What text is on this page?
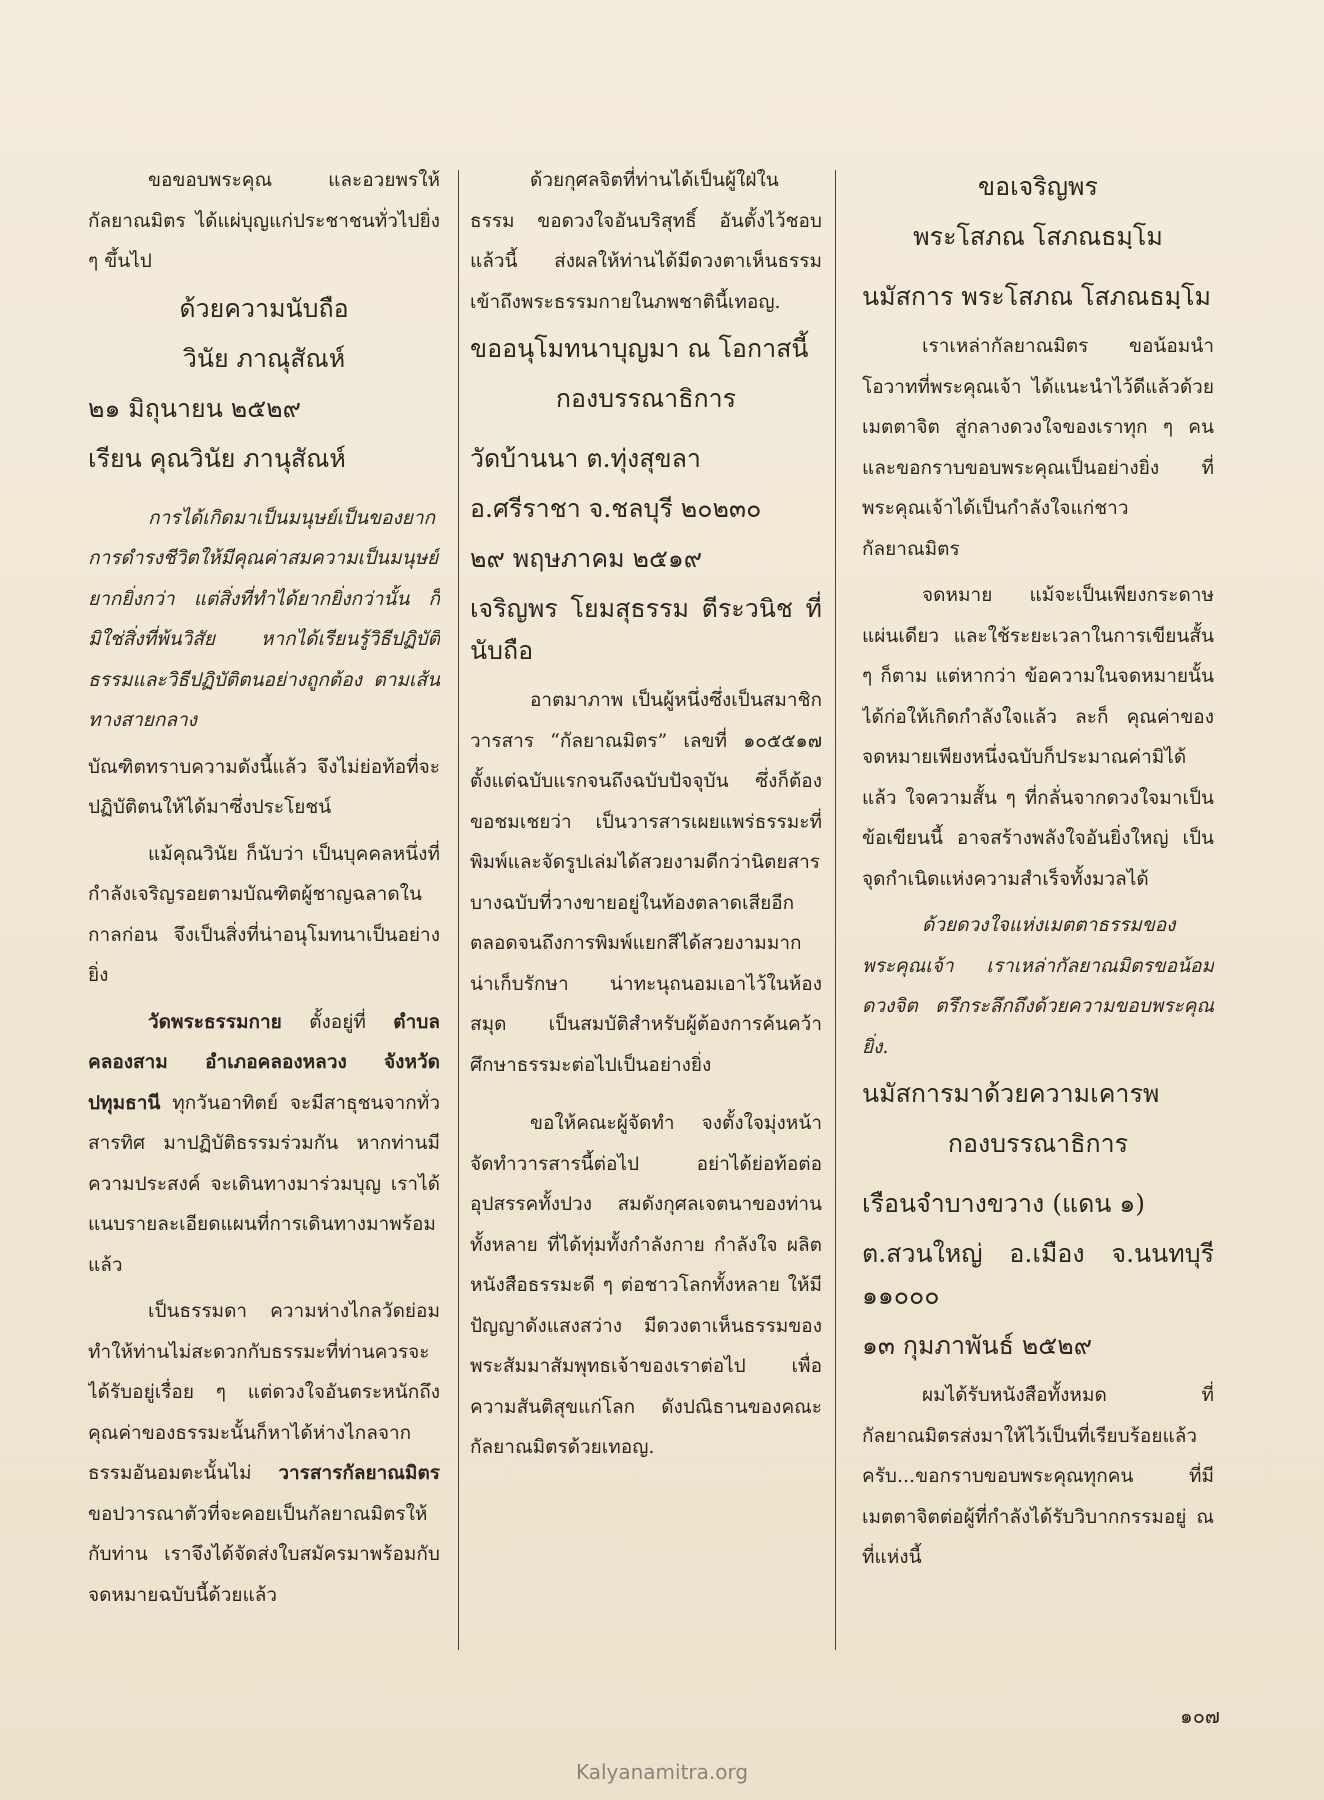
ขอขอบพระคุณ และอวยพรให้กัลยาณมิตร ได้แผ่บุญแก่ประชาชนทั่วไปยิ่ง ๆ ขึ้นไป

ด้วยความนับถือ

วินัย ภาณุสัณห์

๒๑ มิถุนายน ๒๕๒๙

เรียน คุณวินัย ภานุสัณห์

การได้เกิดมาเป็นมนุษย์เป็นของยาก การดำรงชีวิตให้มีคุณค่าสมความเป็นมนุษย์ ยากยิ่งกว่า แต่สิ่งที่ทำได้ยากยิ่งกว่านั้น ก็มิใช่สิ่งที่พ้นวิสัย หากได้เรียนรู้วิธีปฏิบัติธรรมและวิธีปฏิบัติตนอย่างถูกต้อง ตามเส้นทางสายกลาง

บัณฑิตทราบความดังนี้แล้ว จึงไม่ย่อท้อที่จะปฏิบัติตนให้ได้มาซึ่งประโยชน์

แม้คุณวินัย ก็นับว่า เป็นบุคคลหนึ่งที่กำลังเจริญรอยตามบัณฑิตผู้ชาญฉลาดในกาลก่อน จึงเป็นสิ่งที่น่าอนุโมทนาเป็นอย่างยิ่ง

วัดพระธรรมกาย ตั้งอยู่ที่ ตำบลคลองสาม อำเภอคลองหลวง จังหวัดปทุมธานี ทุกวันอาทิตย์ จะมีสาธุชนจากทั่วสารทิศ มาปฏิบัติธรรมร่วมกัน หากท่านมีความประสงค์ จะเดินทางมาร่วมบุญ เราได้แนบรายละเอียดแผนที่การเดินทางมาพร้อมแล้ว

เป็นธรรมดา ความห่างไกลวัดย่อมทำให้ท่านไม่สะดวกกับธรรมะที่ท่านควรจะได้รับอยู่เรื่อย ๆ แต่ดวงใจอันตระหนักถึงคุณค่าของธรรมะนั้นก็หาได้ห่างไกลจากธรรมอันอมตะนั้นไม่ วารสารกัลยาณมิตร ขอปวารณาตัวที่จะคอยเป็นกัลยาณมิตรให้กับท่าน เราจึงได้จัดส่งใบสมัครมาพร้อมกับจดหมายฉบับนี้ด้วยแล้ว

ด้วยกุศลจิตที่ท่านได้เป็นผู้ใฝ่ในธรรม ขอดวงใจอันบริสุทธิ์ อันตั้งไว้ชอบแล้วนี้ ส่งผลให้ท่านได้มีดวงตาเห็นธรรม เข้าถึงพระธรรมกายในภพชาตินี้เทอญ.

ขออนุโมทนาบุญมา ณ โอกาสนี้

กองบรรณาธิการ

วัดบ้านนา ต.ทุ่งสุขลา

อ.ศรีราชา จ.ชลบุรี ๒๐๒๓๐

๒๙ พฤษภาคม ๒๕๑๙

เจริญพร โยมสุธรรม ตีระวนิช ที่นับถือ

อาตมาภาพ เป็นผู้หนึ่งซึ่งเป็นสมาชิกวารสาร “กัลยาณมิตร” เลขที่ ๑๐๕๕๑๗ ตั้งแต่ฉบับแรกจนถึงฉบับปัจจุบัน ซึ่งก็ต้องขอชมเชยว่า เป็นวารสารเผยแพร่ธรรมะที่พิมพ์และจัดรูปเล่มได้สวยงามดีกว่านิตยสารบางฉบับที่วางขายอยู่ในท้องตลาดเสียอีก ตลอดจนถึงการพิมพ์แยกสีได้สวยงามมาก น่าเก็บรักษา น่าทะนุถนอมเอาไว้ในห้องสมุด เป็นสมบัติสำหรับผู้ต้องการค้นคว้าศึกษาธรรมะต่อไปเป็นอย่างยิ่ง

ขอให้คณะผู้จัดทำ จงตั้งใจมุ่งหน้าจัดทำวารสารนี้ต่อไป อย่าได้ย่อท้อต่ออุปสรรคทั้งปวง สมดังกุศลเจตนาของท่านทั้งหลาย ที่ได้ทุ่มทั้งกำลังกาย กำลังใจ ผลิตหนังสือธรรมะดี ๆ ต่อชาวโลกทั้งหลาย ให้มีปัญญาดังแสงสว่าง มีดวงตาเห็นธรรมของพระสัมมาสัมพุทธเจ้าของเราต่อไป เพื่อความสันติสุขแก่โลก ดังปณิธานของคณะกัลยาณมิตรด้วยเทอญ.

ขอเจริญพร

พระโสภณ โสภณธมฺโม

นมัสการ พระโสภณ โสภณธมฺโม

เราเหล่ากัลยาณมิตร ขอน้อมนำโอวาทที่พระคุณเจ้า ได้แนะนำไว้ดีแล้วด้วยเมตตาจิต สู่กลางดวงใจของเราทุก ๆ คน และขอกราบขอบพระคุณเป็นอย่างยิ่ง ที่พระคุณเจ้าได้เป็นกำลังใจแก่ชาวกัลยาณมิตร

จดหมาย แม้จะเป็นเพียงกระดาษแผ่นเดียว และใช้ระยะเวลาในการเขียนสั้น ๆ ก็ตาม แต่หากว่า ข้อความในจดหมายนั้น ได้ก่อให้เกิดกำลังใจแล้ว ละก็ คุณค่าของจดหมายเพียงหนึ่งฉบับก็ประมาณค่ามิได้แล้ว ใจความสั้น ๆ ที่กลั่นจากดวงใจมาเป็นข้อเขียนนี้ อาจสร้างพลังใจอันยิ่งใหญ่ เป็นจุดกำเนิดแห่งความสำเร็จทั้งมวลได้

ด้วยดวงใจแห่งเมตตาธรรมของพระคุณเจ้า เราเหล่ากัลยาณมิตรขอน้อมดวงจิต ตรึกระลึกถึงด้วยความขอบพระคุณยิ่ง.

นมัสการมาด้วยความเคารพ

กองบรรณาธิการ

เรือนจำบางขวาง (แดน ๑)

ต.สวนใหญ่ อ.เมือง จ.นนทบุรี ๑๑๐๐๐

๑๓ กุมภาพันธ์ ๒๕๒๙

ผมได้รับหนังสือทั้งหมด ที่กัลยาณมิตรส่งมาให้ไว้เป็นที่เรียบร้อยแล้วครับ...ขอกราบขอบพระคุณทุกคน ที่มีเมตตาจิตต่อผู้ที่กำลังได้รับวิบากกรรมอยู่ ณ ที่แห่งนี้

๑๐๗
Kalyanamitra.org
